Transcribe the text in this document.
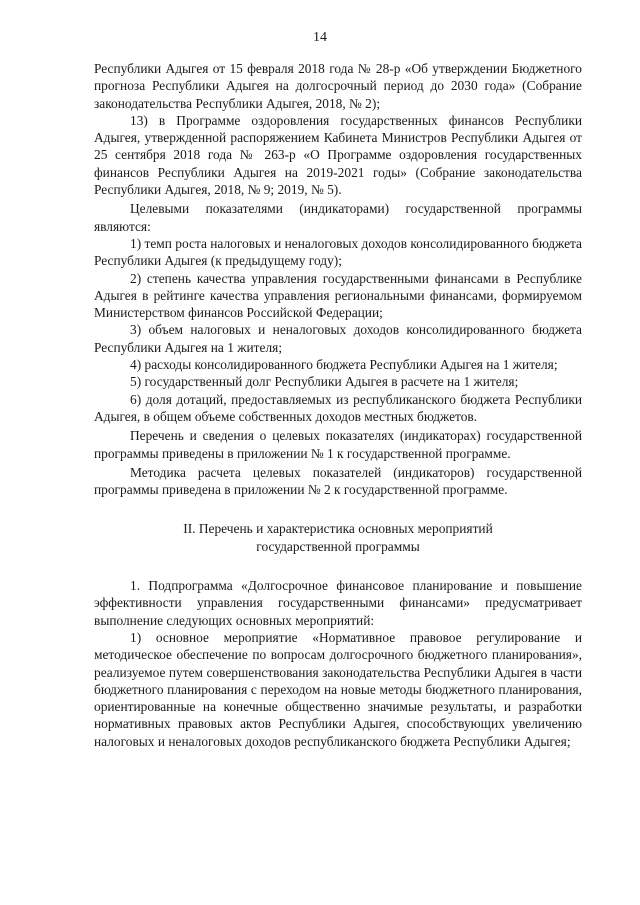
14

Республики Адыгея от 15 февраля 2018 года № 28-р «Об утверждении Бюджетного прогноза Республики Адыгея на долгосрочный период до 2030 года» (Собрание законодательства Республики Адыгея, 2018, № 2);

13) в Программе оздоровления государственных финансов Республики Адыгея, утвержденной распоряжением Кабинета Министров Республики Адыгея от 25 сентября 2018 года № 263-р «О Программе оздоровления государственных финансов Республики Адыгея на 2019-2021 годы» (Собрание законодательства Республики Адыгея, 2018, № 9; 2019, № 5).

Целевыми показателями (индикаторами) государственной программы являются:

1) темп роста налоговых и неналоговых доходов консолидированного бюджета Республики Адыгея (к предыдущему году);

2) степень качества управления государственными финансами в Республике Адыгея в рейтинге качества управления региональными финансами, формируемом Министерством финансов Российской Федерации;

3) объем налоговых и неналоговых доходов консолидированного бюджета Республики Адыгея на 1 жителя;

4) расходы консолидированного бюджета Республики Адыгея на 1 жителя;

5) государственный долг Республики Адыгея в расчете на 1 жителя;

6) доля дотаций, предоставляемых из республиканского бюджета Республики Адыгея, в общем объеме собственных доходов местных бюджетов.

Перечень и сведения о целевых показателях (индикаторах) государственной программы приведены в приложении № 1 к государственной программе.

Методика расчета целевых показателей (индикаторов) государственной программы приведена в приложении № 2 к государственной программе.

II. Перечень и характеристика основных мероприятий
государственной программы

1. Подпрограмма «Долгосрочное финансовое планирование и повышение эффективности управления государственными финансами» предусматривает выполнение следующих основных мероприятий:

1) основное мероприятие «Нормативное правовое регулирование и методическое обеспечение по вопросам долгосрочного бюджетного планирования», реализуемое путем совершенствования законодательства Республики Адыгея в части бюджетного планирования с переходом на новые методы бюджетного планирования, ориентированные на конечные общественно значимые результаты, и разработки нормативных правовых актов Республики Адыгея, способствующих увеличению налоговых и неналоговых доходов республиканского бюджета Республики Адыгея;
